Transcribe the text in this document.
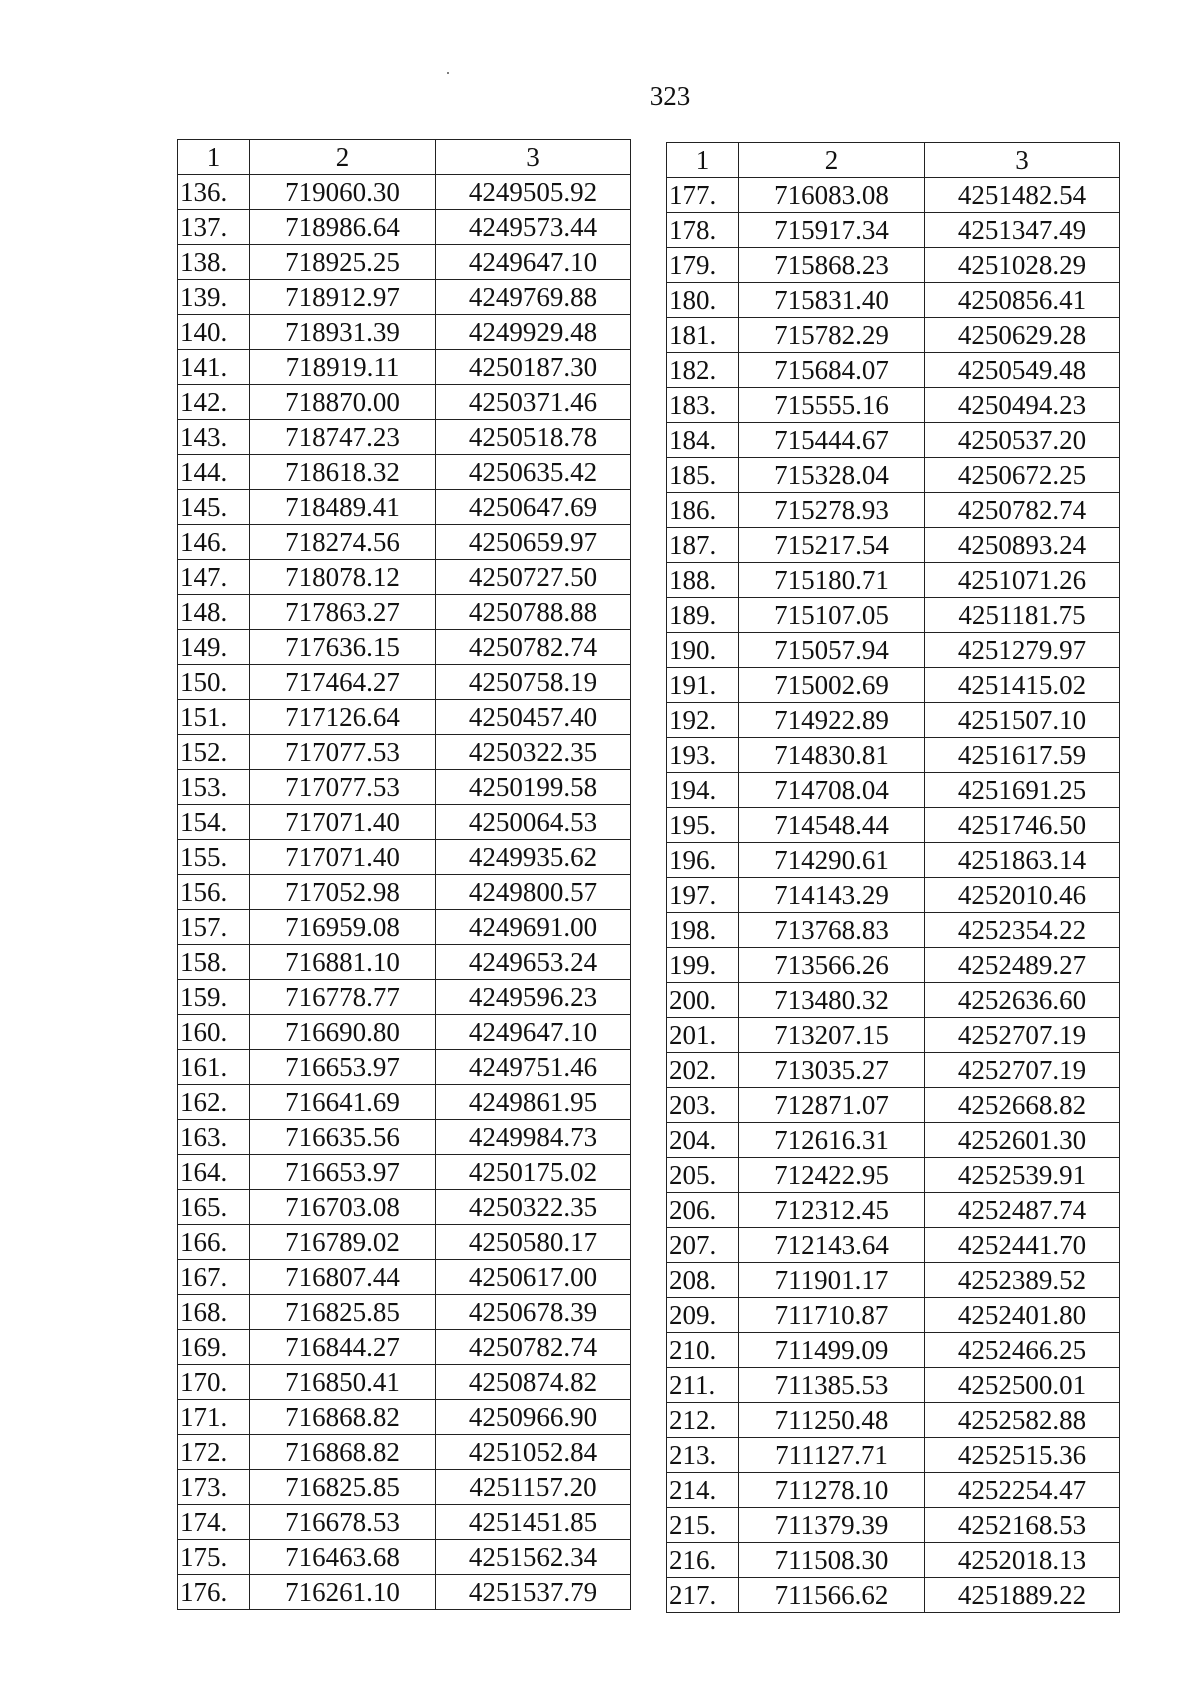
323
1	2	3
136.	719060.30	4249505.92
137.	718986.64	4249573.44
138.	718925.25	4249647.10
139.	718912.97	4249769.88
140.	718931.39	4249929.48
141.	718919.11	4250187.30
142.	718870.00	4250371.46
143.	718747.23	4250518.78
144.	718618.32	4250635.42
145.	718489.41	4250647.69
146.	718274.56	4250659.97
147.	718078.12	4250727.50
148.	717863.27	4250788.88
149.	717636.15	4250782.74
150.	717464.27	4250758.19
151.	717126.64	4250457.40
152.	717077.53	4250322.35
153.	717077.53	4250199.58
154.	717071.40	4250064.53
155.	717071.40	4249935.62
156.	717052.98	4249800.57
157.	716959.08	4249691.00
158.	716881.10	4249653.24
159.	716778.77	4249596.23
160.	716690.80	4249647.10
161.	716653.97	4249751.46
162.	716641.69	4249861.95
163.	716635.56	4249984.73
164.	716653.97	4250175.02
165.	716703.08	4250322.35
166.	716789.02	4250580.17
167.	716807.44	4250617.00
168.	716825.85	4250678.39
169.	716844.27	4250782.74
170.	716850.41	4250874.82
171.	716868.82	4250966.90
172.	716868.82	4251052.84
173.	716825.85	4251157.20
174.	716678.53	4251451.85
175.	716463.68	4251562.34
176.	716261.10	4251537.79
1	2	3
177.	716083.08	4251482.54
178.	715917.34	4251347.49
179.	715868.23	4251028.29
180.	715831.40	4250856.41
181.	715782.29	4250629.28
182.	715684.07	4250549.48
183.	715555.16	4250494.23
184.	715444.67	4250537.20
185.	715328.04	4250672.25
186.	715278.93	4250782.74
187.	715217.54	4250893.24
188.	715180.71	4251071.26
189.	715107.05	4251181.75
190.	715057.94	4251279.97
191.	715002.69	4251415.02
192.	714922.89	4251507.10
193.	714830.81	4251617.59
194.	714708.04	4251691.25
195.	714548.44	4251746.50
196.	714290.61	4251863.14
197.	714143.29	4252010.46
198.	713768.83	4252354.22
199.	713566.26	4252489.27
200.	713480.32	4252636.60
201.	713207.15	4252707.19
202.	713035.27	4252707.19
203.	712871.07	4252668.82
204.	712616.31	4252601.30
205.	712422.95	4252539.91
206.	712312.45	4252487.74
207.	712143.64	4252441.70
208.	711901.17	4252389.52
209.	711710.87	4252401.80
210.	711499.09	4252466.25
211.	711385.53	4252500.01
212.	711250.48	4252582.88
213.	711127.71	4252515.36
214.	711278.10	4252254.47
215.	711379.39	4252168.53
216.	711508.30	4252018.13
217.	711566.62	4251889.22
